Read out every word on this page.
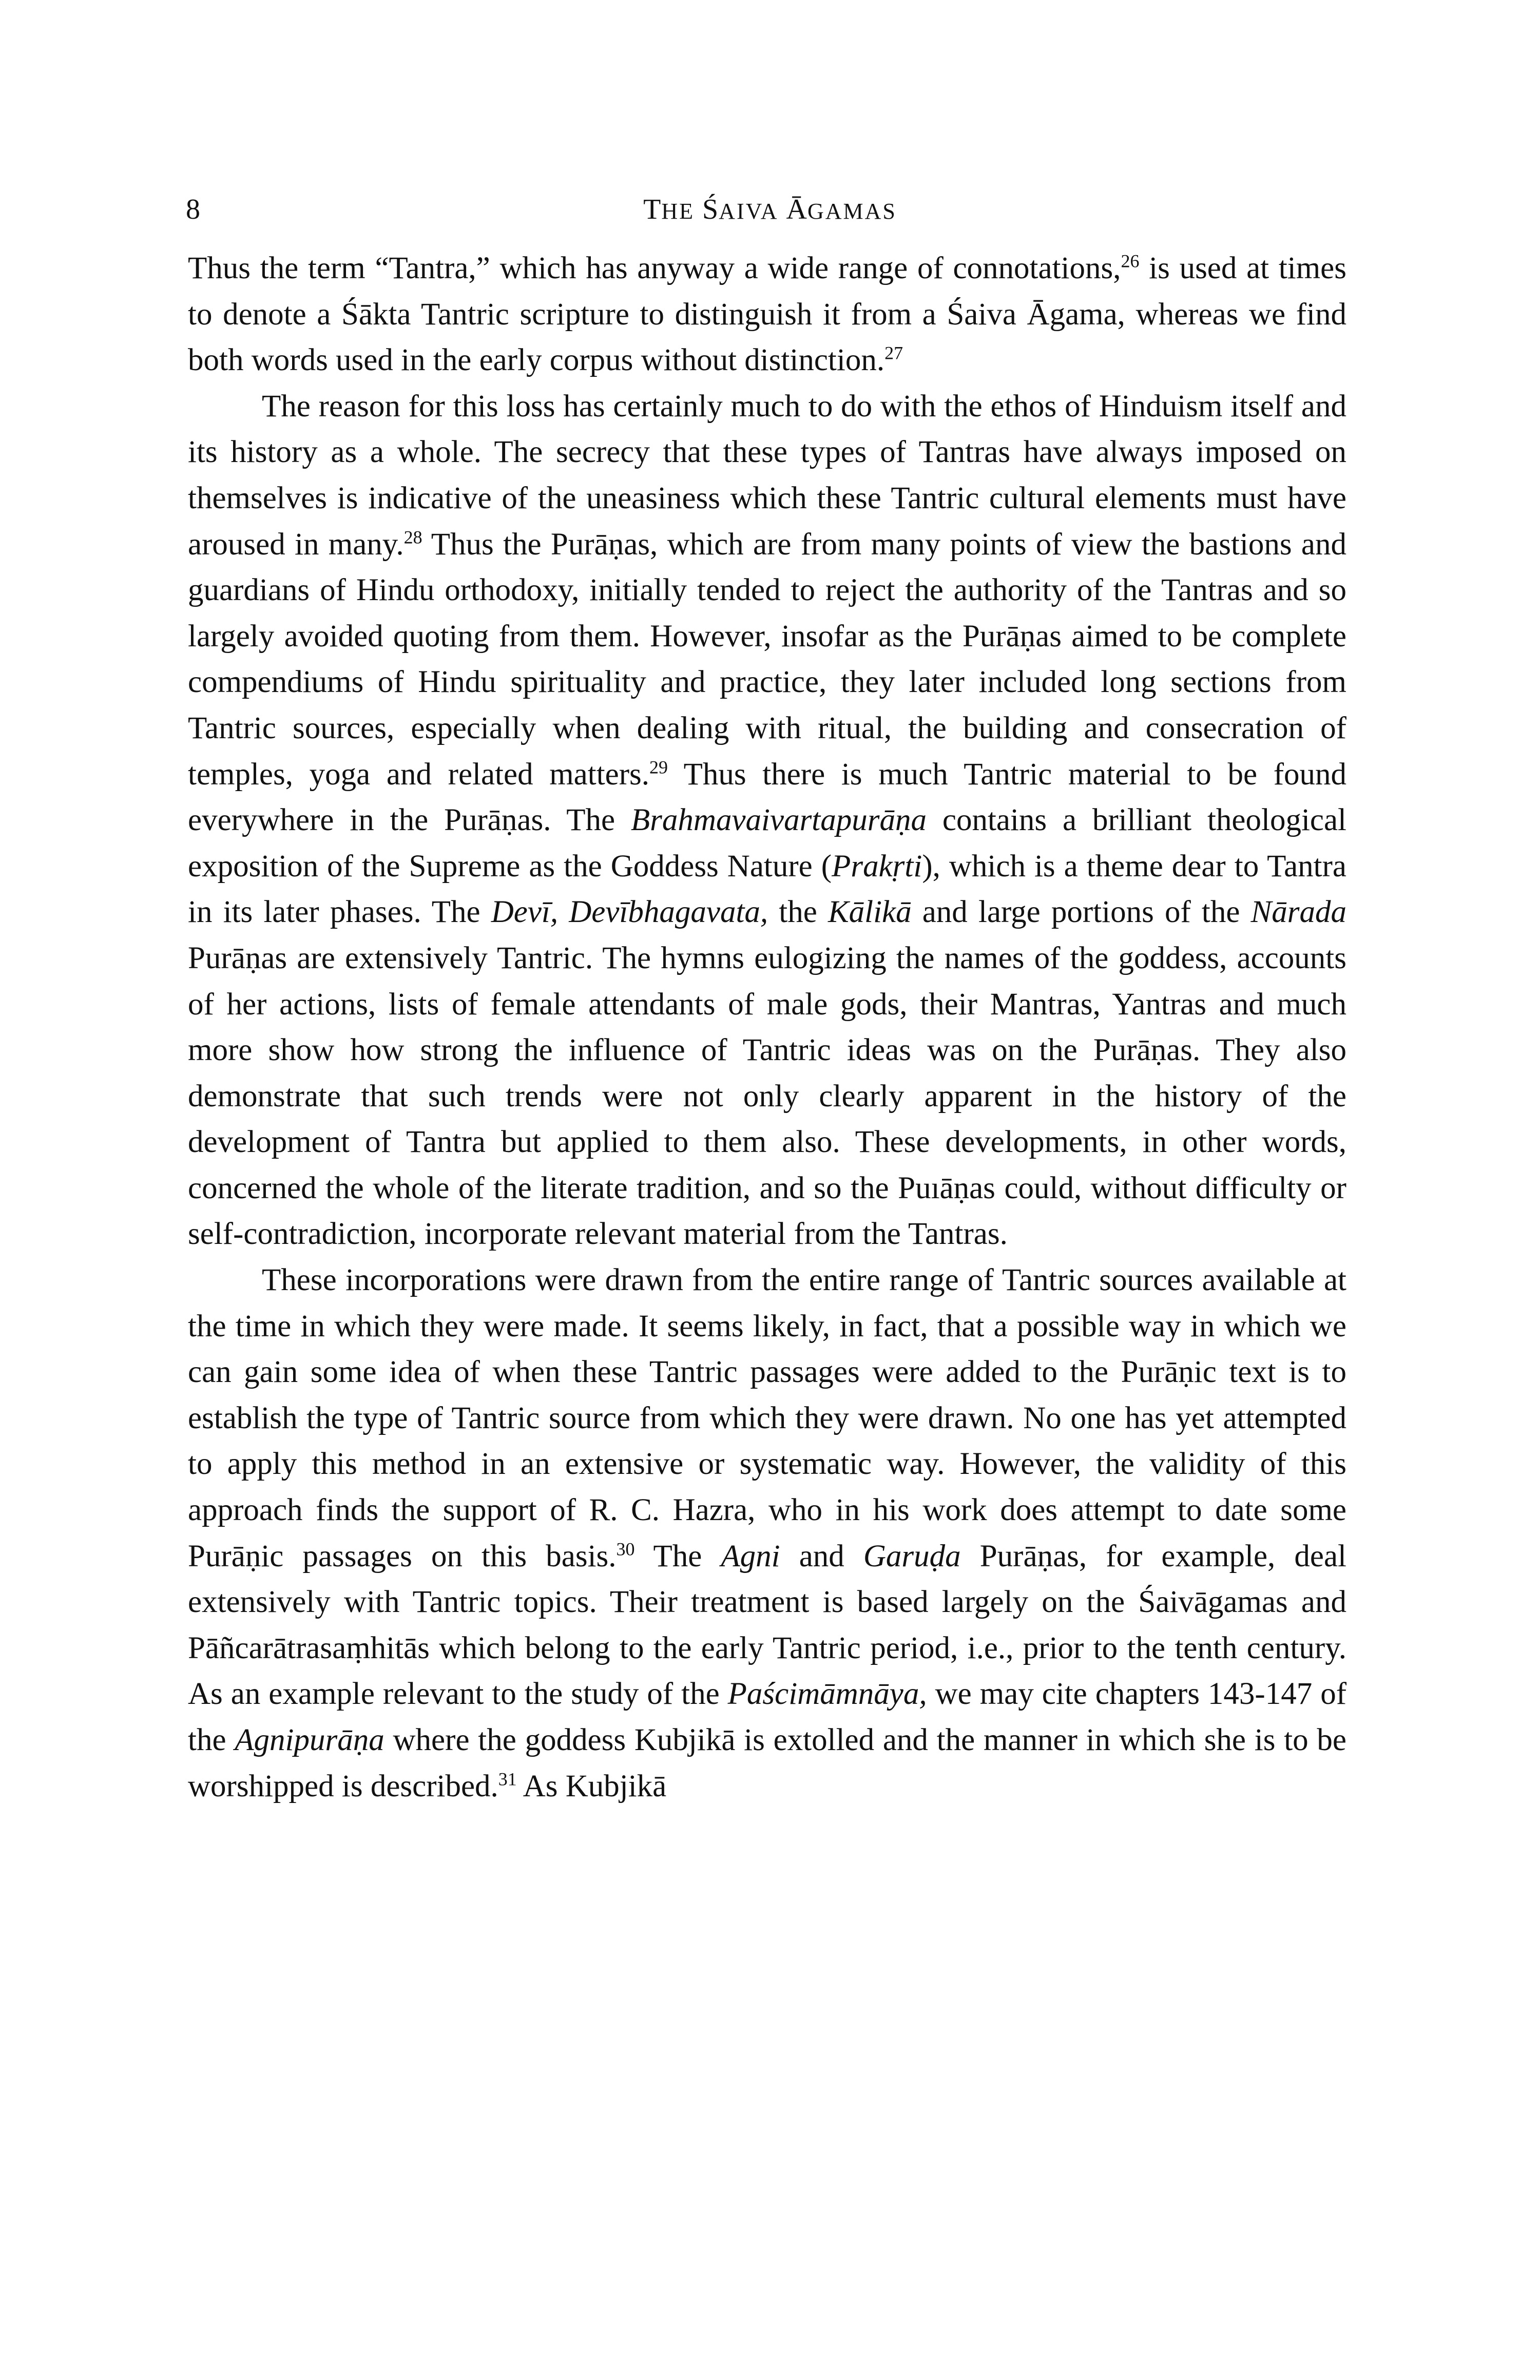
8	THE ŚAIVA ĀGAMAS

Thus the term “Tantra,” which has anyway a wide range of connotations,$^{26}$ is used at times to denote a Śākta Tantric scripture to distinguish it from a Śaiva Āgama, whereas we find both words used in the early corpus without distinction.$^{27}$

The reason for this loss has certainly much to do with the ethos of Hinduism itself and its history as a whole. The secrecy that these types of Tantras have always imposed on themselves is indicative of the uneasiness which these Tantric cultural elements must have aroused in many.$^{28}$ Thus the Purāṇas, which are from many points of view the bastions and guardians of Hindu orthodoxy, initially tended to reject the authority of the Tantras and so largely avoided quoting from them. However, insofar as the Purāṇas aimed to be complete compendiums of Hindu spirituality and practice, they later included long sections from Tantric sources, especially when dealing with ritual, the building and consecration of temples, yoga and related matters.$^{29}$ Thus there is much Tantric material to be found everywhere in the Purāṇas. The Brahmavaivartapurāṇa contains a brilliant theological exposition of the Supreme as the Goddess Nature (Prakṛti), which is a theme dear to Tantra in its later phases. The Devī, Devībhagavata, the Kālikā and large portions of the Nārada Purāṇas are extensively Tantric. The hymns eulogizing the names of the goddess, accounts of her actions, lists of female attendants of male gods, their Mantras, Yantras and much more show how strong the influence of Tantric ideas was on the Purāṇas. They also demonstrate that such trends were not only clearly apparent in the history of the development of Tantra but applied to them also. These developments, in other words, concerned the whole of the literate tradition, and so the Puıāṇas could, without difficulty or self-contradiction, incorporate relevant material from the Tantras.

These incorporations were drawn from the entire range of Tantric sources available at the time in which they were made. It seems likely, in fact, that a possible way in which we can gain some idea of when these Tantric passages were added to the Purāṇic text is to establish the type of Tantric source from which they were drawn. No one has yet attempted to apply this method in an extensive or systematic way. However, the validity of this approach finds the support of R. C. Hazra, who in his work does attempt to date some Purāṇic passages on this basis.$^{30}$ The Agni and Garuḍa Purāṇas, for example, deal extensively with Tantric topics. Their treatment is based largely on the Śaivāgamas and Pāñcarātrasaṃhitās which belong to the early Tantric period, i.e., prior to the tenth century. As an example relevant to the study of the Paścimāmnāya, we may cite chapters 143-147 of the Agnipurāṇa where the goddess Kubjikā is extolled and the manner in which she is to be worshipped is described.$^{31}$ As Kubjikā
